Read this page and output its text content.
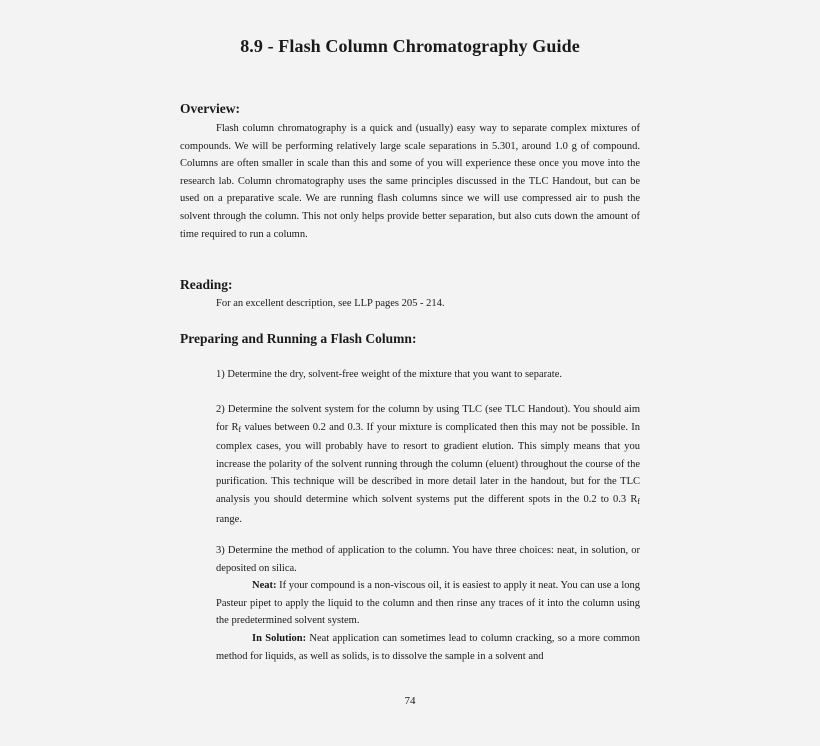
8.9 - Flash Column Chromatography Guide
Overview:

Flash column chromatography is a quick and (usually) easy way to separate complex mixtures of compounds. We will be performing relatively large scale separations in 5.301, around 1.0 g of compound. Columns are often smaller in scale than this and some of you will experience these once you move into the research lab. Column chromatography uses the same principles discussed in the TLC Handout, but can be used on a preparative scale. We are running flash columns since we will use compressed air to push the solvent through the column. This not only helps provide better separation, but also cuts down the amount of time required to run a column.

Reading:

For an excellent description, see LLP pages 205 - 214.

Preparing and Running a Flash Column:

1) Determine the dry, solvent-free weight of the mixture that you want to separate.

2) Determine the solvent system for the column by using TLC (see TLC Handout). You should aim for $R_f$ values between 0.2 and 0.3. If your mixture is complicated then this may not be possible. In complex cases, you will probably have to resort to gradient elution. This simply means that you increase the polarity of the solvent running through the column (eluent) throughout the course of the purification. This technique will be described in more detail later in the handout, but for the TLC analysis you should determine which solvent systems put the different spots in the 0.2 to 0.3 $R_f$ range.

3) Determine the method of application to the column. You have three choices: neat, in solution, or deposited on silica.

Neat: If your compound is a non-viscous oil, it is easiest to apply it neat. You can use a long Pasteur pipet to apply the liquid to the column and then rinse any traces of it into the column using the predetermined solvent system.

In Solution: Neat application can sometimes lead to column cracking, so a more common method for liquids, as well as solids, is to dissolve the sample in a solvent and

74
